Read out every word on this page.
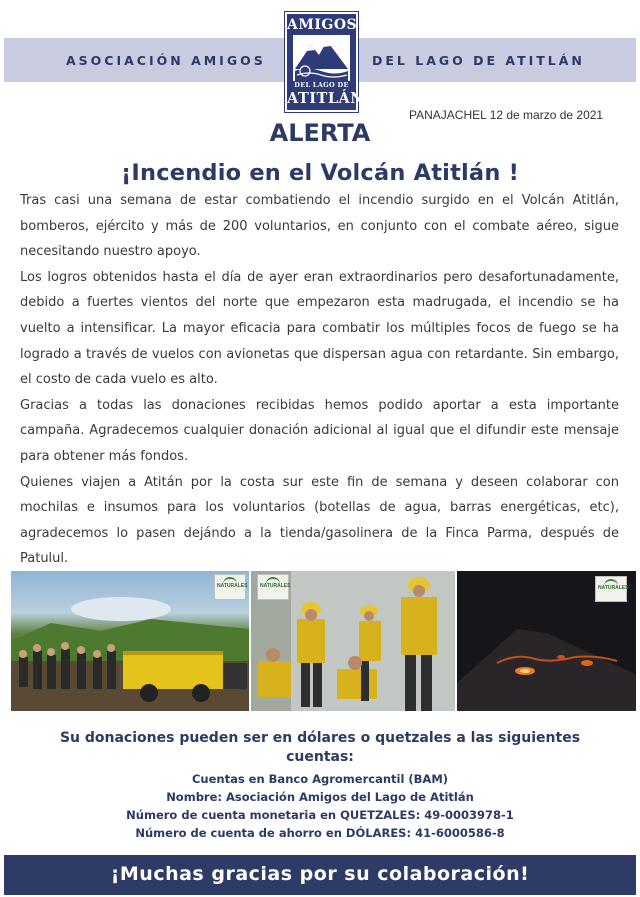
ASOCIACIÓN AMIGOS	DEL LAGO DE ATITLÁN
AMIGOS
DEL LAGO DE
ATITLÁN
PANAJACHEL 12 de marzo de 2021
ALERTA
¡Incendio en el Volcán Atitlán !

Tras casi una semana de estar combatiendo el incendio surgido en el Volcán Atitlán, bomberos, ejército y más de 200 voluntarios, en conjunto con el combate aéreo, sigue necesitando nuestro apoyo.

Los logros obtenidos hasta el día de ayer eran extraordinarios pero desafortunadamente, debido a fuertes vientos del norte que empezaron esta madrugada, el incendio se ha vuelto a intensificar. La mayor eficacia para combatir los múltiples focos de fuego se ha logrado a través de vuelos con avionetas que dispersan agua con retardante. Sin embargo, el costo de cada vuelo es alto.

Gracias a todas las donaciones recibidas hemos podido aportar a esta importante campaña. Agradecemos cualquier donación adicional al igual que el difundir este mensaje para obtener más fondos.

Quienes viajen a Atitán por la costa sur este fin de semana y deseen colaborar con mochilas e insumos para los voluntarios (botellas de agua, barras energéticas, etc), agradecemos lo pasen dejándo a la tienda/gasolinera de la Finca Parma, después de Patulul.

NATURALES	NATURALES	NATURALES
Su donaciones pueden ser en dólares o quetzales a las siguientes
cuentas:
Cuentas en Banco Agromercantil (BAM)
Nombre: Asociación Amigos del Lago de Atitlán
Número de cuenta monetaria en QUETZALES: 49-0003978-1
Número de cuenta de ahorro en DÓLARES: 41-6000586-8
¡Muchas gracias por su colaboración!
